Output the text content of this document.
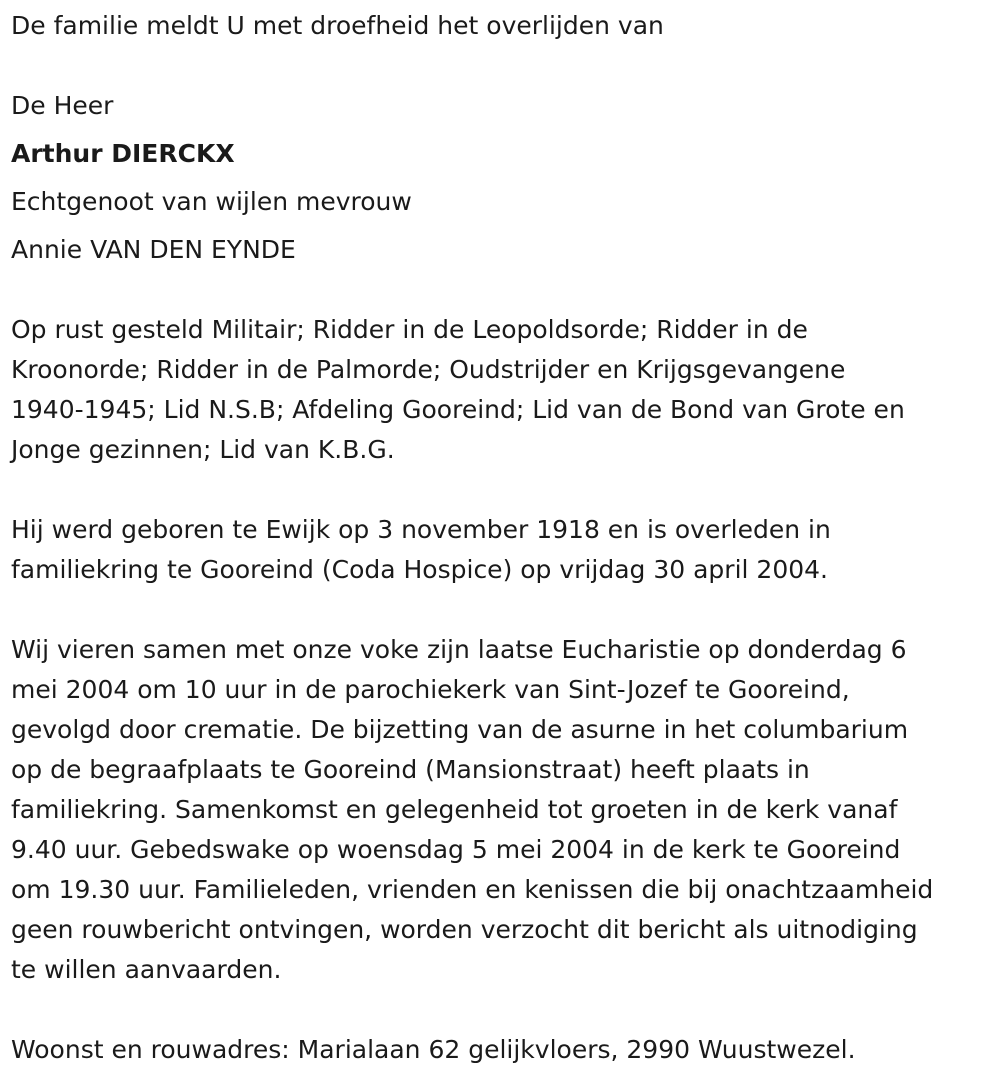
De familie meldt U met droefheid het overlijden van

De Heer

Arthur DIERCKX

Echtgenoot van wijlen mevrouw

Annie VAN DEN EYNDE

Op rust gesteld Militair; Ridder in de Leopoldsorde; Ridder in de

Kroonorde; Ridder in de Palmorde; Oudstrijder en Krijgsgevangene

1940-1945; Lid N.S.B; Afdeling Gooreind; Lid van de Bond van Grote en

Jonge gezinnen; Lid van K.B.G.

Hij werd geboren te Ewijk op 3 november 1918 en is overleden in

familiekring te Gooreind (Coda Hospice) op vrijdag 30 april 2004.

Wij vieren samen met onze voke zijn laatse Eucharistie op donderdag 6

mei 2004 om 10 uur in de parochiekerk van Sint-Jozef te Gooreind,

gevolgd door crematie. De bijzetting van de asurne in het columbarium

op de begraafplaats te Gooreind (Mansionstraat) heeft plaats in

familiekring. Samenkomst en gelegenheid tot groeten in de kerk vanaf

9.40 uur. Gebedswake op woensdag 5 mei 2004 in de kerk te Gooreind

om 19.30 uur. Familieleden, vrienden en kenissen die bij onachtzaamheid

geen rouwbericht ontvingen, worden verzocht dit bericht als uitnodiging

te willen aanvaarden.

Woonst en rouwadres: Marialaan 62 gelijkvloers, 2990 Wuustwezel.
